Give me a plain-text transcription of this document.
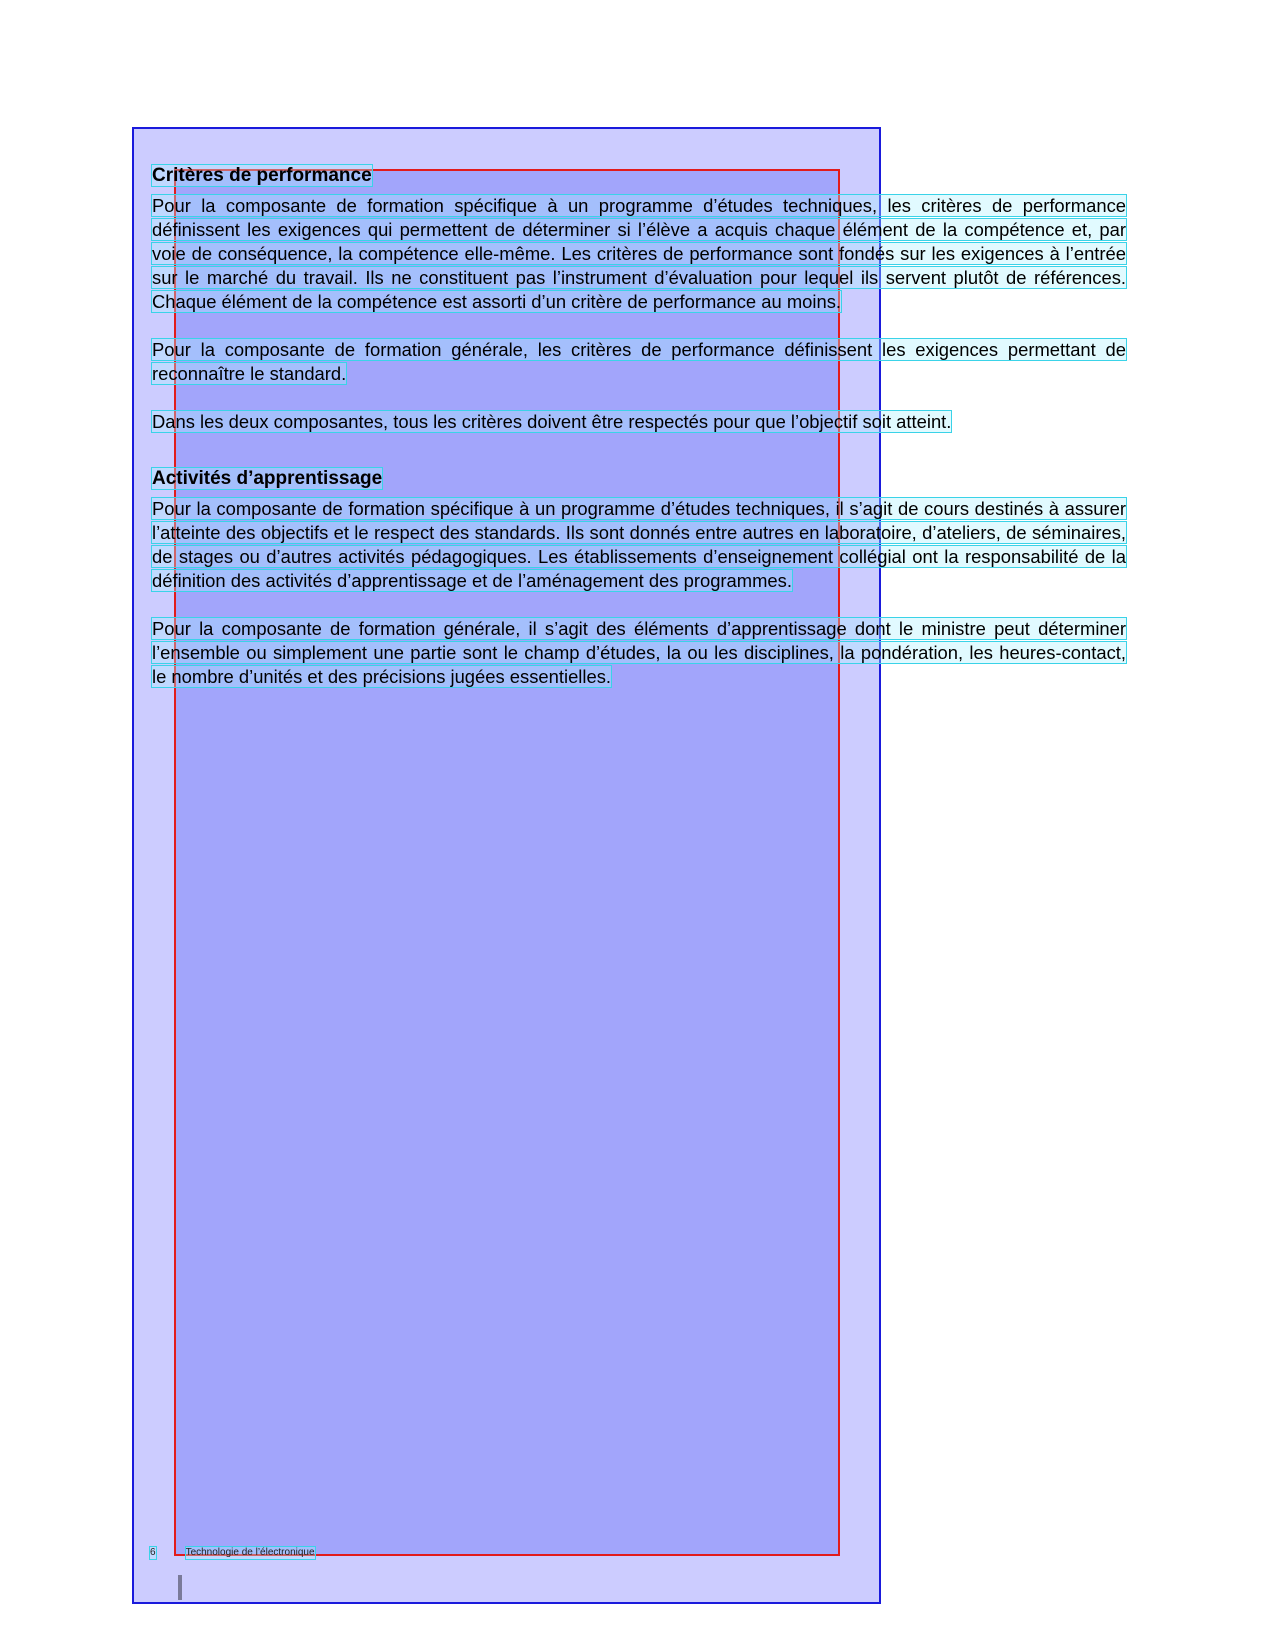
Critères de performance

Pour la composante de formation spécifique à un programme d’études techniques, les critères de performance définissent les exigences qui permettent de déterminer si l’élève a acquis chaque élément de la compétence et, par voie de conséquence, la compétence elle-même. Les critères de performance sont fondés sur les exigences à l’entrée sur le marché du travail. Ils ne constituent pas l’instrument d’évaluation pour lequel ils servent plutôt de références. Chaque élément de la compétence est assorti d’un critère de performance au moins.

Pour la composante de formation générale, les critères de performance définissent les exigences permettant de reconnaître le standard.

Dans les deux composantes, tous les critères doivent être respectés pour que l’objectif soit atteint.

Activités d’apprentissage

Pour la composante de formation spécifique à un programme d’études techniques, il s’agit de cours destinés à assurer l’atteinte des objectifs et le respect des standards. Ils sont donnés entre autres en laboratoire, d’ateliers, de séminaires, de stages ou d’autres activités pédagogiques. Les établissements d’enseignement collégial ont la responsabilité de la définition des activités d’apprentissage et de l’aménagement des programmes.

Pour la composante de formation générale, il s’agit des éléments d’apprentissage dont le ministre peut déterminer l’ensemble ou simplement une partie sont le champ d’études, la ou les disciplines, la pondération, les heures-contact, le nombre d’unités et des précisions jugées essentielles.

6	Technologie de l’électronique
